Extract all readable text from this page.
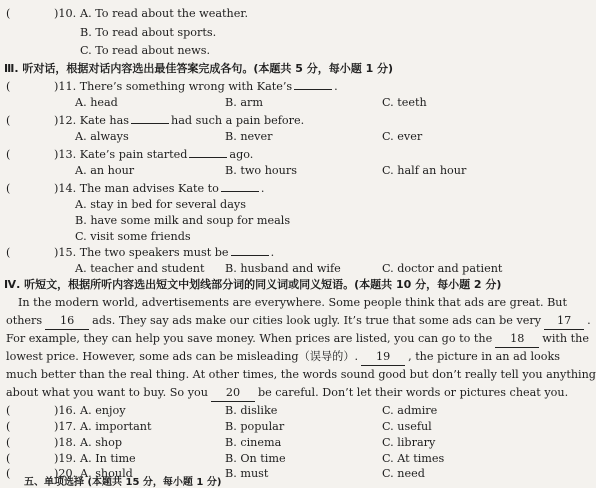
(	)10. A. To read about the weather.
B. To read about sports.
C. To read about news.
Ⅲ. 听对话，根据对话内容选出最佳答案完成各句。(本题共 5 分，每小题 1 分)
(	)11. There’s something wrong with Kate’s	.
A. head	B. arm	C. teeth
(	)12. Kate has	had such a pain before.
A. always	B. never	C. ever
(	)13. Kate’s pain started	ago.
A. an hour	B. two hours	C. half an hour
(	)14. The man advises Kate to	.
A. stay in bed for several days
B. have some milk and soup for meals
C. visit some friends
(	)15. The two speakers must be	.
A. teacher and student B. husband and wife	C. doctor and patient
Ⅳ. 听短文，根据所听内容选出短文中划线部分词的同义词或同义短语。(本题共 10 分，每小题 2 分)
In the modern world, advertisements are everywhere. Some people think that ads are great. But
others 16 ads. They say ads make our cities look ugly. It’s true that some ads can be very 17 .
For example, they can help you save money. When prices are listed, you can go to the 18 with the
lowest price. However, some ads can be misleading（误导的）. 19 , the picture in an ad looks
much better than the real thing. At other times, the words sound good but don’t really tell you anything
about what you want to buy. So you 20 be careful. Don’t let their words or pictures cheat you.
(	)16. A. enjoy	B. dislike	C. admire
(	)17. A. important	B. popular	C. useful
(	)18. A. shop	B. cinema	C. library
(	)19. A. In time	B. On time	C. At times
(	)20. A. should	B. must	C. need
五、单项选择 (本题共 15 分，每小题 1 分)
